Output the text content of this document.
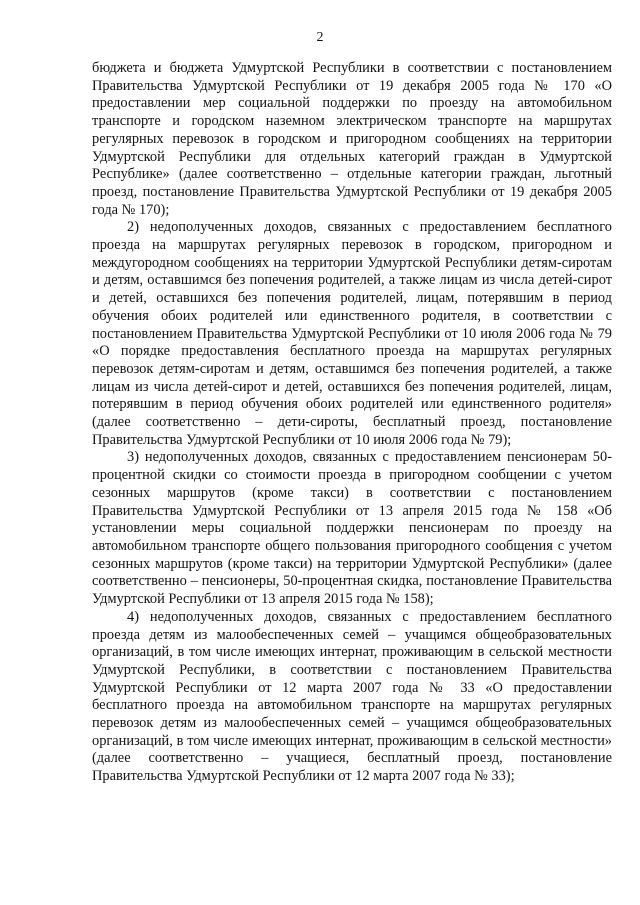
2

бюджета и бюджета Удмуртской Республики в соответствии с постановлением Правительства Удмуртской Республики от 19 декабря 2005 года № 170 «О предоставлении мер социальной поддержки по проезду на автомобильном транспорте и городском наземном электрическом транспорте на маршрутах регулярных перевозок в городском и пригородном сообщениях на территории Удмуртской Республики для отдельных категорий граждан в Удмуртской Республике» (далее соответственно – отдельные категории граждан, льготный проезд, постановление Правительства Удмуртской Республики от 19 декабря 2005 года № 170);

2) недополученных доходов, связанных с предоставлением бесплатного проезда на маршрутах регулярных перевозок в городском, пригородном и междугородном сообщениях на территории Удмуртской Республики детям-сиротам и детям, оставшимся без попечения родителей, а также лицам из числа детей-сирот и детей, оставшихся без попечения родителей, лицам, потерявшим в период обучения обоих родителей или единственного родителя, в соответствии с постановлением Правительства Удмуртской Республики от 10 июля 2006 года № 79 «О порядке предоставления бесплатного проезда на маршрутах регулярных перевозок детям-сиротам и детям, оставшимся без попечения родителей, а также лицам из числа детей-сирот и детей, оставшихся без попечения родителей, лицам, потерявшим в период обучения обоих родителей или единственного родителя» (далее соответственно – дети-сироты, бесплатный проезд, постановление Правительства Удмуртской Республики от 10 июля 2006 года № 79);

3) недополученных доходов, связанных с предоставлением пенсионерам 50-процентной скидки со стоимости проезда в пригородном сообщении с учетом сезонных маршрутов (кроме такси) в соответствии с постановлением Правительства Удмуртской Республики от 13 апреля 2015 года № 158 «Об установлении меры социальной поддержки пенсионерам по проезду на автомобильном транспорте общего пользования пригородного сообщения с учетом сезонных маршрутов (кроме такси) на территории Удмуртской Республики» (далее соответственно – пенсионеры, 50-процентная скидка, постановление Правительства Удмуртской Республики от 13 апреля 2015 года № 158);

4) недополученных доходов, связанных с предоставлением бесплатного проезда детям из малообеспеченных семей – учащимся общеобразовательных организаций, в том числе имеющих интернат, проживающим в сельской местности Удмуртской Республики, в соответствии с постановлением Правительства Удмуртской Республики от 12 марта 2007 года № 33 «О предоставлении бесплатного проезда на автомобильном транспорте на маршрутах регулярных перевозок детям из малообеспеченных семей – учащимся общеобразовательных организаций, в том числе имеющих интернат, проживающим в сельской местности» (далее соответственно – учащиеся, бесплатный проезд, постановление Правительства Удмуртской Республики от 12 марта 2007 года № 33);
